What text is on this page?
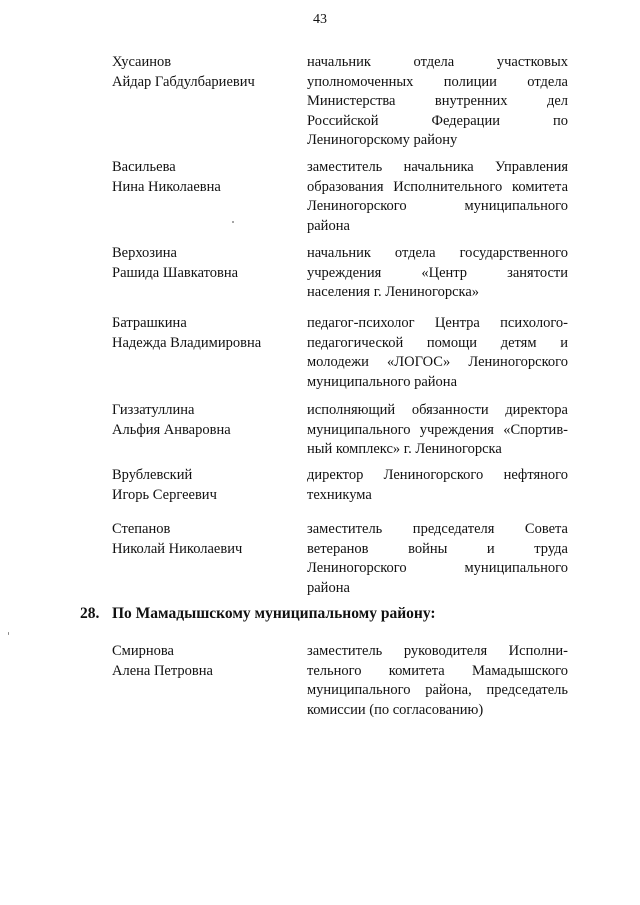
43
Хусаинов
Айдар Габдулбариевич
начальник отдела участковых
уполномоченных полиции отдела
Министерства внутренних дел
Российской Федерации по
Лениногорскому району
Васильева
Нина Николаевна
заместитель начальника Управления
образования Исполнительного комитета
Лениногорского муниципального
района
Верхозина
Рашида Шавкатовна
начальник отдела государственного
учреждения «Центр занятости
населения г. Лениногорска»
Батрашкина
Надежда Владимировна
педагог-психолог Центра психолого-
педагогической помощи детям и
молодежи «ЛОГОС» Лениногорского
муниципального района
Гиззатуллина
Альфия Анваровна
исполняющий обязанности директора
муниципального учреждения «Спортив-
ный комплекс» г. Лениногорска
Врублевский
Игорь Сергеевич
директор Лениногорского нефтяного
техникума
Степанов
Николай Николаевич
заместитель председателя Совета
ветеранов войны и труда
Лениногорского муниципального
района
28. По Мамадышскому муниципальному району:
Смирнова
Алена Петровна
заместитель руководителя Исполни-
тельного комитета Мамадышского
муниципального района, председатель
комиссии (по согласованию)
